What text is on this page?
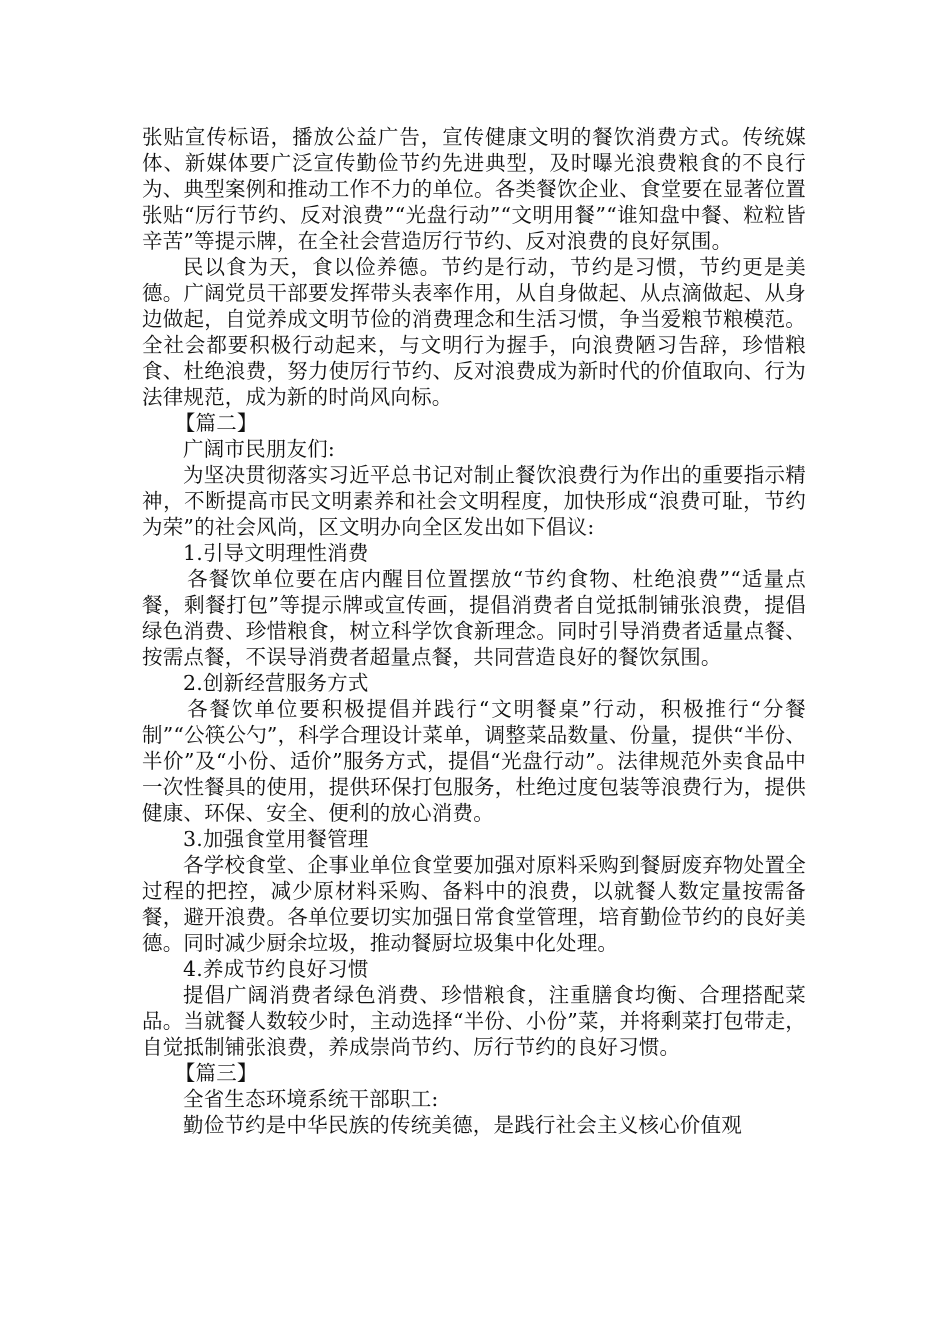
张贴宣传标语，播放公益广告，宣传健康文明的餐饮消费方式。传统媒体、新媒体要广泛宣传勤俭节约先进典型，及时曝光浪费粮食的不良行为、典型案例和推动工作不力的单位。各类餐饮企业、食堂要在显著位置张贴“厉行节约、反对浪费”“光盘行动”“文明用餐”“谁知盘中餐、粒粒皆辛苦”等提示牌，在全社会营造厉行节约、反对浪费的良好氛围。

民以食为天，食以俭养德。节约是行动，节约是习惯，节约更是美德。广阔党员干部要发挥带头表率作用，从自身做起、从点滴做起、从身边做起，自觉养成文明节俭的消费理念和生活习惯，争当爱粮节粮模范。全社会都要积极行动起来，与文明行为握手，向浪费陋习告辞，珍惜粮食、杜绝浪费，努力使厉行节约、反对浪费成为新时代的价值取向、行为法律规范，成为新的时尚风向标。

【篇二】

广阔市民朋友们:

为坚决贯彻落实习近平总书记对制止餐饮浪费行为作出的重要指示精神，不断提高市民文明素养和社会文明程度，加快形成“浪费可耻，节约为荣”的社会风尚，区文明办向全区发出如下倡议:

1.引导文明理性消费

各餐饮单位要在店内醒目位置摆放“节约食物、杜绝浪费”“适量点餐，剩餐打包”等提示牌或宣传画，提倡消费者自觉抵制铺张浪费，提倡绿色消费、珍惜粮食，树立科学饮食新理念。同时引导消费者适量点餐、按需点餐，不误导消费者超量点餐，共同营造良好的餐饮氛围。

2.创新经营服务方式

各餐饮单位要积极提倡并践行“文明餐桌”行动，积极推行“分餐制”“公筷公勺”，科学合理设计菜单，调整菜品数量、份量，提供“半份、半价”及“小份、适价”服务方式，提倡“光盘行动”。法律规范外卖食品中一次性餐具的使用，提供环保打包服务，杜绝过度包装等浪费行为，提供健康、环保、安全、便利的放心消费。

3.加强食堂用餐管理

各学校食堂、企事业单位食堂要加强对原料采购到餐厨废弃物处置全过程的把控，减少原材料采购、备料中的浪费，以就餐人数定量按需备餐，避开浪费。各单位要切实加强日常食堂管理，培育勤俭节约的良好美德。同时减少厨余垃圾，推动餐厨垃圾集中化处理。

4.养成节约良好习惯

提倡广阔消费者绿色消费、珍惜粮食，注重膳食均衡、合理搭配菜品。当就餐人数较少时，主动选择“半份、小份”菜，并将剩菜打包带走，自觉抵制铺张浪费，养成崇尚节约、厉行节约的良好习惯。

【篇三】

全省生态环境系统干部职工:

勤俭节约是中华民族的传统美德，是践行社会主义核心价值观
